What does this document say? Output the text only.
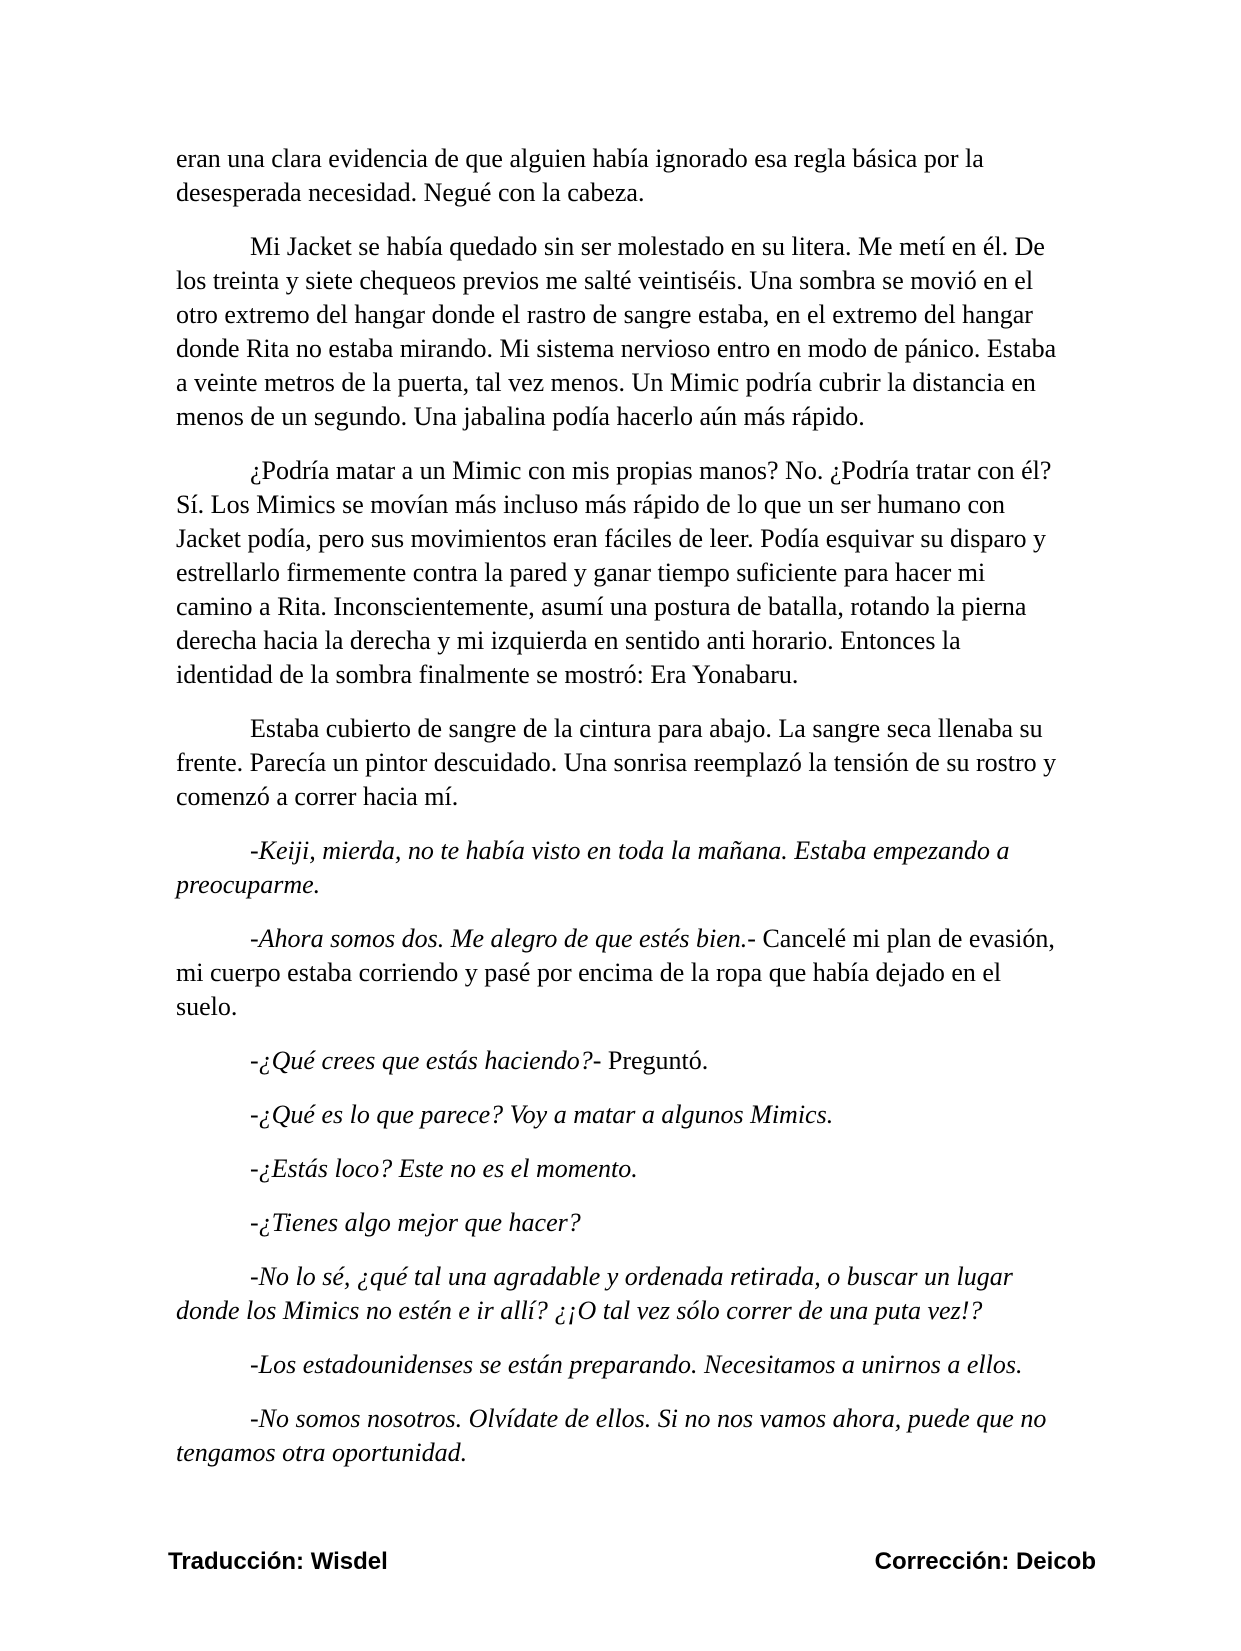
eran una clara evidencia de que alguien había ignorado esa regla básica por la desesperada necesidad. Negué con la cabeza.

Mi Jacket se había quedado sin ser molestado en su litera. Me metí en él. De los treinta y siete chequeos previos me salté veintiséis. Una sombra se movió en el otro extremo del hangar donde el rastro de sangre estaba, en el extremo del hangar donde Rita no estaba mirando. Mi sistema nervioso entro en modo de pánico. Estaba a veinte metros de la puerta, tal vez menos. Un Mimic podría cubrir la distancia en menos de un segundo. Una jabalina podía hacerlo aún más rápido.

¿Podría matar a un Mimic con mis propias manos? No. ¿Podría tratar con él? Sí. Los Mimics se movían más incluso más rápido de lo que un ser humano con Jacket podía, pero sus movimientos eran fáciles de leer. Podía esquivar su disparo y estrellarlo firmemente contra la pared y ganar tiempo suficiente para hacer mi camino a Rita. Inconscientemente, asumí una postura de batalla, rotando la pierna derecha hacia la derecha y mi izquierda en sentido anti horario. Entonces la identidad de la sombra finalmente se mostró: Era Yonabaru.

Estaba cubierto de sangre de la cintura para abajo. La sangre seca llenaba su frente. Parecía un pintor descuidado. Una sonrisa reemplazó la tensión de su rostro y comenzó a correr hacia mí.

-Keiji, mierda, no te había visto en toda la mañana. Estaba empezando a preocuparme.

-Ahora somos dos. Me alegro de que estés bien.- Cancelé mi plan de evasión, mi cuerpo estaba corriendo y pasé por encima de la ropa que había dejado en el suelo.

-¿Qué crees que estás haciendo?- Preguntó.

-¿Qué es lo que parece? Voy a matar a algunos Mimics.

-¿Estás loco? Este no es el momento.

-¿Tienes algo mejor que hacer?

-No lo sé, ¿qué tal una agradable y ordenada retirada, o buscar un lugar donde los Mimics no estén e ir allí? ¿¡O tal vez sólo correr de una puta vez!?

-Los estadounidenses se están preparando. Necesitamos a unirnos a ellos.

-No somos nosotros. Olvídate de ellos. Si no nos vamos ahora, puede que no tengamos otra oportunidad.

Traducción: Wisdel	Corrección: Deicob
